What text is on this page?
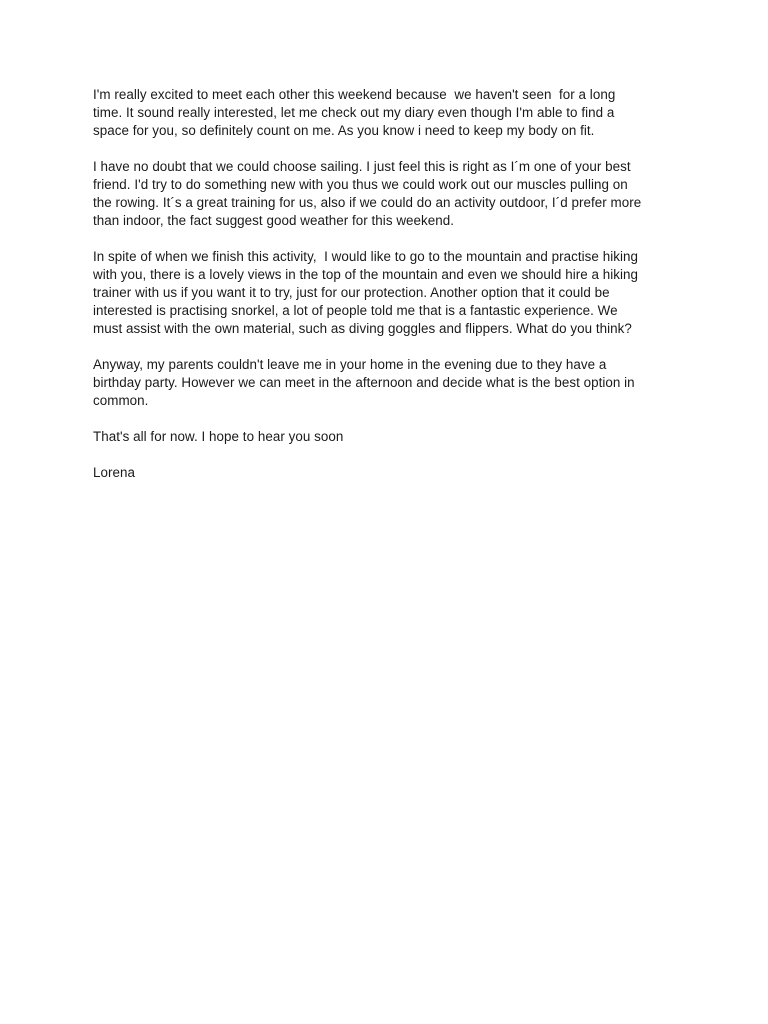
I'm really excited to meet each other this weekend because  we haven't seen  for a long
time. It sound really interested, let me check out my diary even though I'm able to find a
space for you, so definitely count on me. As you know i need to keep my body on fit.
I have no doubt that we could choose sailing. I just feel this is right as I´m one of your best
friend. I'd try to do something new with you thus we could work out our muscles pulling on
the rowing. It´s a great training for us, also if we could do an activity outdoor, I´d prefer more
than indoor, the fact suggest good weather for this weekend.
In spite of when we finish this activity,  I would like to go to the mountain and practise hiking
with you, there is a lovely views in the top of the mountain and even we should hire a hiking
trainer with us if you want it to try, just for our protection. Another option that it could be
interested is practising snorkel, a lot of people told me that is a fantastic experience. We
must assist with the own material, such as diving goggles and flippers. What do you think?
Anyway, my parents couldn't leave me in your home in the evening due to they have a
birthday party. However we can meet in the afternoon and decide what is the best option in
common.
That's all for now. I hope to hear you soon
Lorena
